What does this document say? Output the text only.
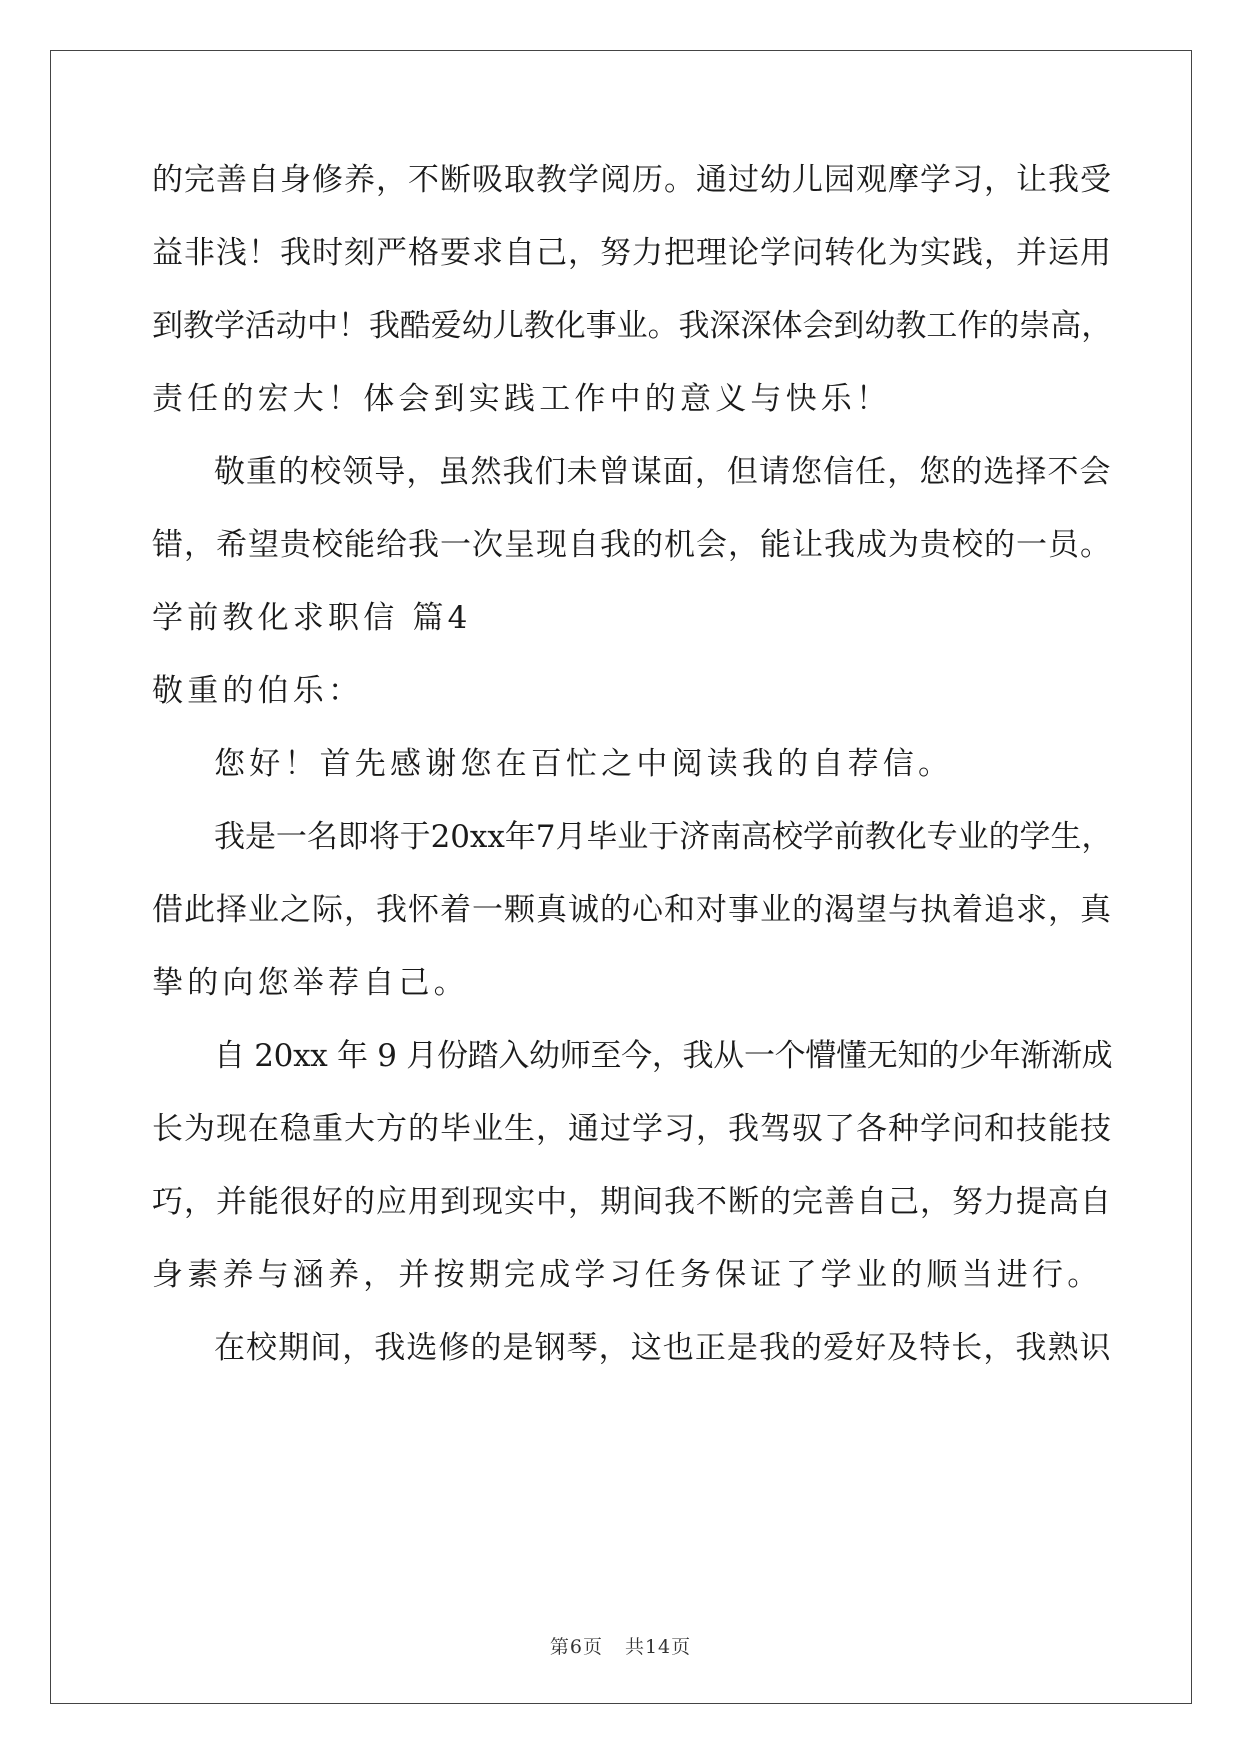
的完善自身修养，不断吸取教学阅历。通过幼儿园观摩学习，让我受
益非浅！我时刻严格要求自己，努力把理论学问转化为实践，并运用
到教学活动中！我酷爱幼儿教化事业。我深深体会到幼教工作的崇高，
责任的宏大！体会到实践工作中的意义与快乐！
敬重的校领导，虽然我们未曾谋面，但请您信任，您的选择不会
错，希望贵校能给我一次呈现自我的机会，能让我成为贵校的一员。
学前教化求职信 篇4
敬重的伯乐：
您好！首先感谢您在百忙之中阅读我的自荐信。
我是一名即将于20xx年7月毕业于济南高校学前教化专业的学生，
借此择业之际，我怀着一颗真诚的心和对事业的渴望与执着追求，真
挚的向您举荐自己。
自 20xx 年 9 月份踏入幼师至今，我从一个懵懂无知的少年渐渐成
长为现在稳重大方的毕业生，通过学习，我驾驭了各种学问和技能技
巧，并能很好的应用到现实中，期间我不断的完善自己，努力提高自
身素养与涵养，并按期完成学习任务保证了学业的顺当进行。
在校期间，我选修的是钢琴，这也正是我的爱好及特长，我熟识
第6页 共14页
